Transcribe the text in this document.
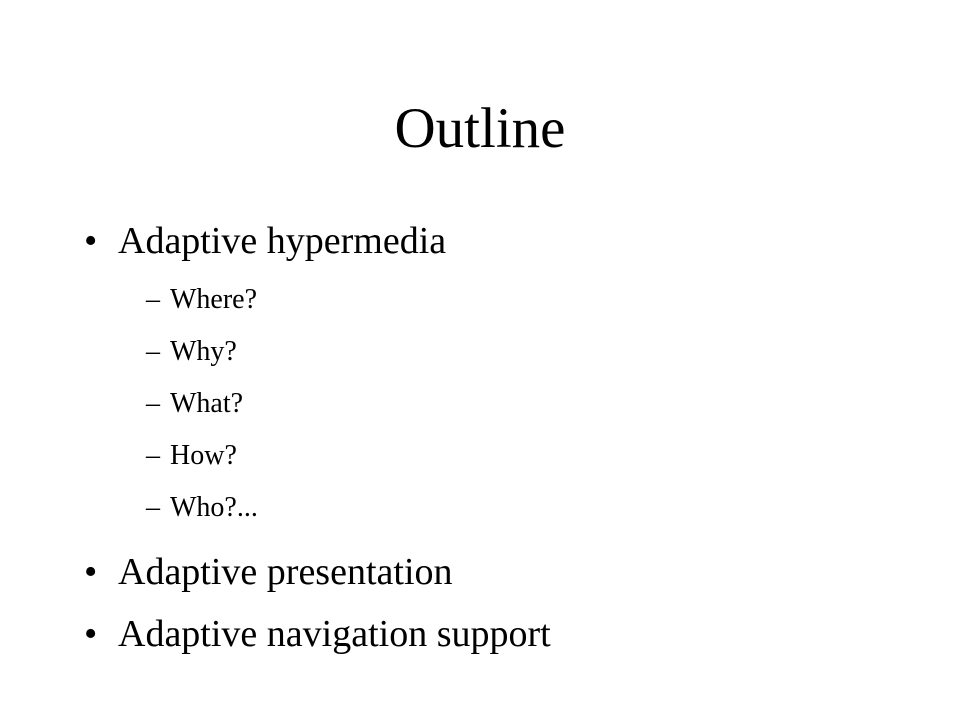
Outline
• Adaptive hypermedia
– Where?
– Why?
– What?
– How?
– Who?...
• Adaptive presentation
• Adaptive navigation support
